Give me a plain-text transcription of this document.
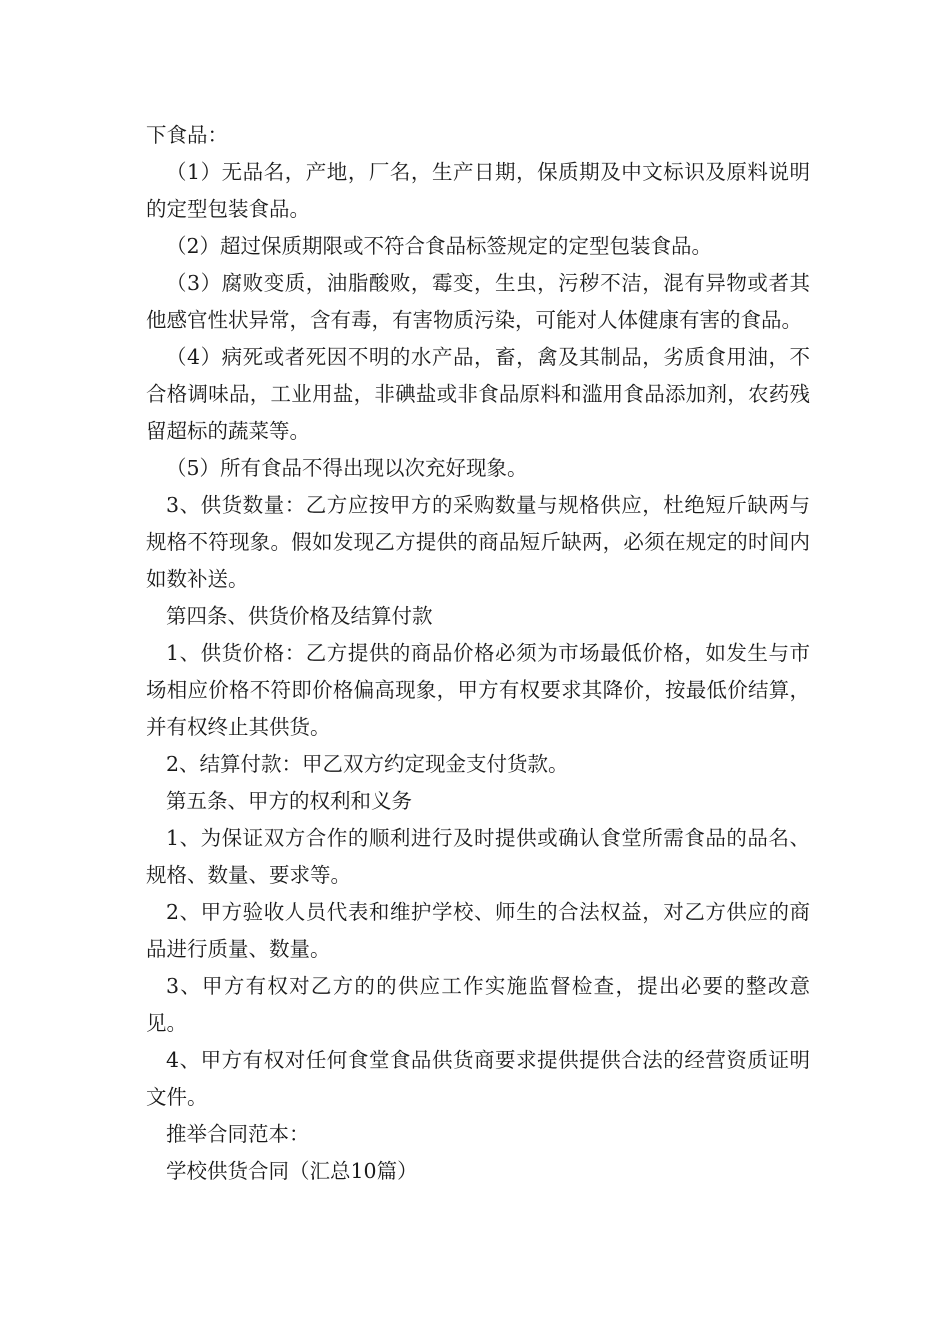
下食品：

（1）无品名，产地，厂名，生产日期，保质期及中文标识及原料说明的定型包装食品。

（2）超过保质期限或不符合食品标签规定的定型包装食品。

（3）腐败变质，油脂酸败，霉变，生虫，污秽不洁，混有异物或者其他感官性状异常，含有毒，有害物质污染，可能对人体健康有害的食品。

（4）病死或者死因不明的水产品，畜，禽及其制品，劣质食用油，不合格调味品，工业用盐，非碘盐或非食品原料和滥用食品添加剂，农药残留超标的蔬菜等。

（5）所有食品不得出现以次充好现象。

3、供货数量：乙方应按甲方的采购数量与规格供应，杜绝短斤缺两与规格不符现象。假如发现乙方提供的商品短斤缺两，必须在规定的时间内如数补送。

第四条、供货价格及结算付款

1、供货价格：乙方提供的商品价格必须为市场最低价格，如发生与市场相应价格不符即价格偏高现象，甲方有权要求其降价，按最低价结算，并有权终止其供货。

2、结算付款：甲乙双方约定现金支付货款。

第五条、甲方的权利和义务

1、为保证双方合作的顺利进行及时提供或确认食堂所需食品的品名、规格、数量、要求等。

2、甲方验收人员代表和维护学校、师生的合法权益，对乙方供应的商品进行质量、数量。

3、甲方有权对乙方的的供应工作实施监督检查，提出必要的整改意见。

4、甲方有权对任何食堂食品供货商要求提供提供合法的经营资质证明文件。

推举合同范本：

学校供货合同（汇总10篇）
